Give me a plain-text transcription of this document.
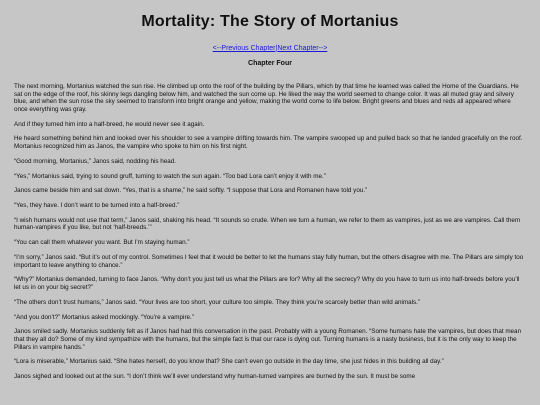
Mortality: The Story of Mortanius
<--Previous Chapter|Next Chapter-->
Chapter Four

The next morning, Mortanius watched the sun rise. He climbed up onto the roof of the building by the Pillars, which by that time he learned was called the Home of the Guardians. He sat on the edge of the roof, his skinny legs dangling below him, and watched the sun come up. He liked the way the world seemed to change color. It was all muted gray and silvery blue, and when the sun rose the sky seemed to transform into bright orange and yellow, making the world come to life below. Bright greens and blues and reds all appeared where once everything was gray.

And if they turned him into a half-breed, he would never see it again.

He heard something behind him and looked over his shoulder to see a vampire drifting towards him. The vampire swooped up and pulled back so that he landed gracefully on the roof. Mortanius recognized him as Janos, the vampire who spoke to him on his first night.

“Good morning, Mortanius,” Janos said, nodding his head.

“Yes,” Mortanius said, trying to sound gruff, turning to watch the sun again. “Too bad Lora can’t enjoy it with me.”

Janos came beside him and sat down. “Yes, that is a shame,” he said softly. “I suppose that Lora and Romanen have told you.”

“Yes, they have. I don’t want to be turned into a half-breed.”

“I wish humans would not use that term,” Janos said, shaking his head. “It sounds so crude. When we turn a human, we refer to them as vampires, just as we are vampires. Call them human-vampires if you like, but not ‘half-breeds.’”

“You can call them whatever you want. But I’m staying human.”

“I’m sorry,” Janos said. “But it’s out of my control. Sometimes I feel that it would be better to let the humans stay fully human, but the others disagree with me. The Pillars are simply too important to leave anything to chance.”

“Why?” Mortanius demanded, turning to face Janos. “Why don’t you just tell us what the Pillars are for? Why all the secrecy? Why do you have to turn us into half-breeds before you’ll let us in on your big secret?”

“The others don’t trust humans,” Janos said. “Your lives are too short, your culture too simple. They think you’re scarcely better than wild animals.”

“And you don’t?” Mortanius asked mockingly. “You’re a vampire.”

Janos smiled sadly. Mortanius suddenly felt as if Janos had had this conversation in the past. Probably with a young Romanen. “Some humans hate the vampires, but does that mean that they all do? Some of my kind sympathize with the humans, but the simple fact is that our race is dying out. Turning humans is a nasty business, but it is the only way to keep the Pillars in vampire hands.”

“Lora is miserable,” Mortanius said. “She hates herself, do you know that? She can’t even go outside in the day time, she just hides in this building all day.”

Janos sighed and looked out at the sun. “I don’t think we’ll ever understand why human-turned vampires are burned by the sun. It must be some
